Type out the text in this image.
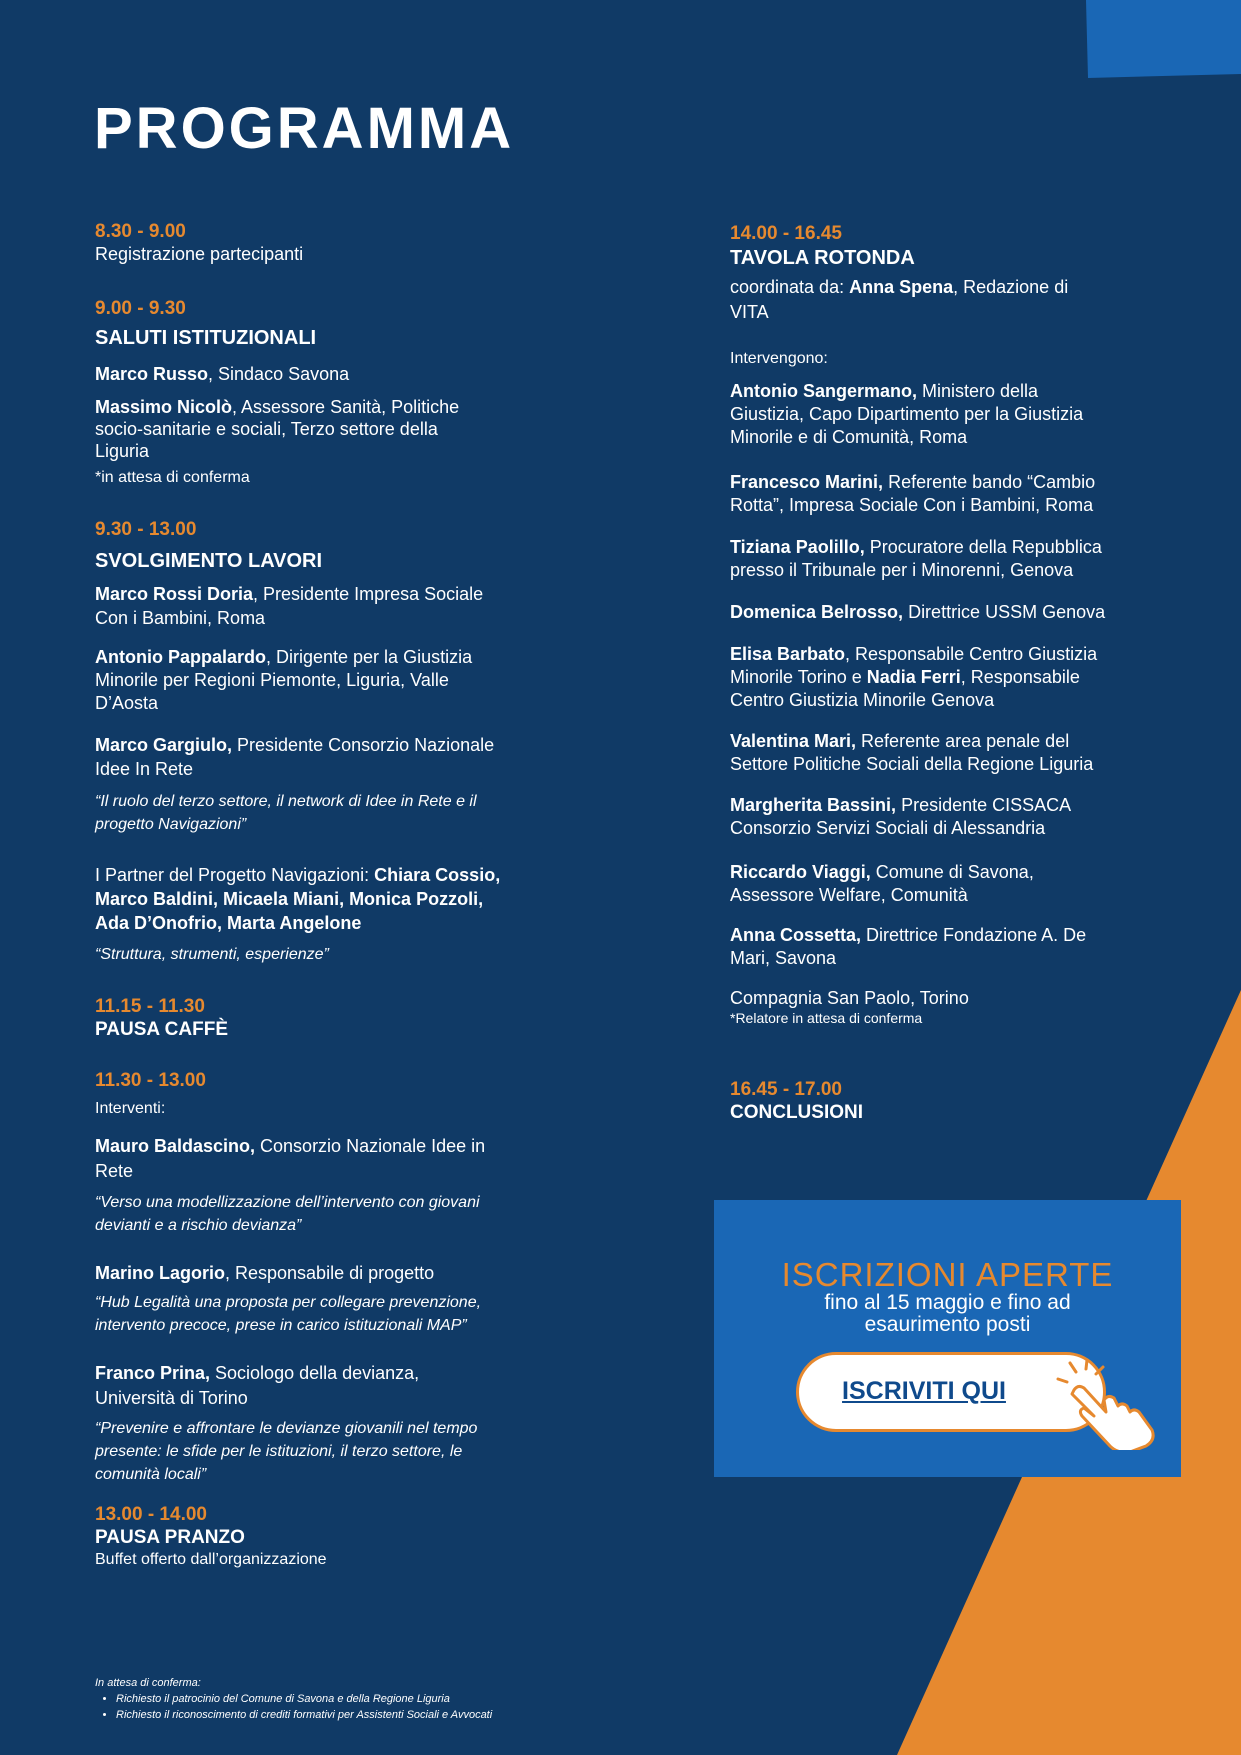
PROGRAMMA
8.30 - 9.00
Registrazione partecipanti
9.00 - 9.30
SALUTI ISTITUZIONALI
Marco Russo, Sindaco Savona
Massimo Nicolò, Assessore Sanità, Politiche
socio-sanitarie e sociali, Terzo settore della
Liguria
*in attesa di conferma
9.30 - 13.00
SVOLGIMENTO LAVORI
Marco Rossi Doria, Presidente Impresa Sociale
Con i Bambini, Roma
Antonio Pappalardo, Dirigente per la Giustizia
Minorile per Regioni Piemonte, Liguria, Valle
D’Aosta
Marco Gargiulo, Presidente Consorzio Nazionale
Idee In Rete
“Il ruolo del terzo settore, il network di Idee in Rete e il
progetto Navigazioni”
I Partner del Progetto Navigazioni: Chiara Cossio,
Marco Baldini, Micaela Miani, Monica Pozzoli,
Ada D’Onofrio, Marta Angelone
“Struttura, strumenti, esperienze”
11.15 - 11.30
PAUSA CAFFÈ
11.30 - 13.00
Interventi:
Mauro Baldascino, Consorzio Nazionale Idee in
Rete
“Verso una modellizzazione dell’intervento con giovani
devianti e a rischio devianza”
Marino Lagorio, Responsabile di progetto
“Hub Legalità una proposta per collegare prevenzione,
intervento precoce, prese in carico istituzionali MAP”
Franco Prina, Sociologo della devianza,
Università di Torino
“Prevenire e affrontare le devianze giovanili nel tempo
presente: le sfide per le istituzioni, il terzo settore, le
comunità locali”
13.00 - 14.00
PAUSA PRANZO
Buffet offerto dall’organizzazione
In attesa di conferma:
• Richiesto il patrocinio del Comune di Savona e della Regione Liguria
• Richiesto il riconoscimento di crediti formativi per Assistenti Sociali e Avvocati
14.00 - 16.45
TAVOLA ROTONDA
coordinata da: Anna Spena, Redazione di
VITA
Intervengono:
Antonio Sangermano, Ministero della
Giustizia, Capo Dipartimento per la Giustizia
Minorile e di Comunità, Roma
Francesco Marini, Referente bando “Cambio
Rotta”, Impresa Sociale Con i Bambini, Roma
Tiziana Paolillo, Procuratore della Repubblica
presso il Tribunale per i Minorenni, Genova
Domenica Belrosso, Direttrice USSM Genova
Elisa Barbato, Responsabile Centro Giustizia
Minorile Torino e Nadia Ferri, Responsabile
Centro Giustizia Minorile Genova
Valentina Mari, Referente area penale del
Settore Politiche Sociali della Regione Liguria
Margherita Bassini, Presidente CISSACA
Consorzio Servizi Sociali di Alessandria
Riccardo Viaggi, Comune di Savona,
Assessore Welfare, Comunità
Anna Cossetta, Direttrice Fondazione A. De
Mari, Savona
Compagnia San Paolo, Torino
*Relatore in attesa di conferma
16.45 - 17.00
CONCLUSIONI
ISCRIZIONI APERTE
fino al 15 maggio e fino ad
esaurimento posti
ISCRIVITI QUI
